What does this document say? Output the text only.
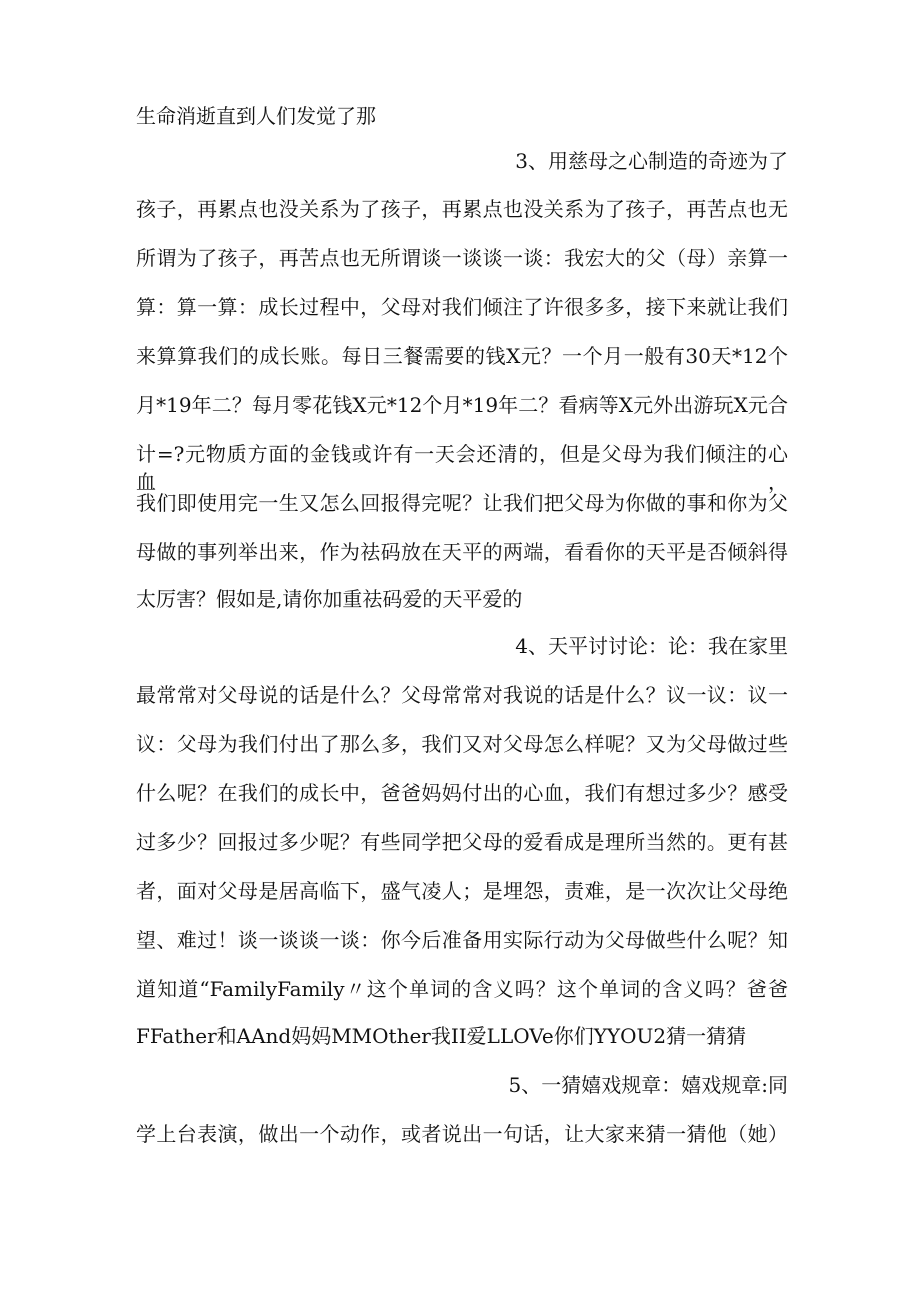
生命消逝直到人们发觉了那
3、用慈母之心制造的奇迹为了
孩子，再累点也没关系为了孩子，再累点也没关系为了孩子，再苦点也无
所谓为了孩子，再苦点也无所谓谈一谈谈一谈：我宏大的父（母）亲算一
算：算一算：成长过程中，父母对我们倾注了许很多多，接下来就让我们
来算算我们的成长账。每日三餐需要的钱X元？一个月一般有30天*12个
月*19年二？每月零花钱X元*12个月*19年二？看病等X元外出游玩X元合
计=?元物质方面的金钱或许有一天会还清的，但是父母为我们倾注的心血，
我们即使用完一生又怎么回报得完呢？让我们把父母为你做的事和你为父
母做的事列举出来，作为祛码放在天平的两端，看看你的天平是否倾斜得
太厉害？假如是,请你加重祛码爱的天平爱的
4、天平讨讨论：论：我在家里
最常常对父母说的话是什么？父母常常对我说的话是什么？议一议：议一
议：父母为我们付出了那么多，我们又对父母怎么样呢？又为父母做过些
什么呢？在我们的成长中，爸爸妈妈付出的心血，我们有想过多少？感受
过多少？回报过多少呢？有些同学把父母的爱看成是理所当然的。更有甚
者，面对父母是居高临下，盛气凌人；是埋怨，责难，是一次次让父母绝
望、难过！谈一谈谈一谈：你今后准备用实际行动为父母做些什么呢？知
道知道“FamilyFamily〃这个单词的含义吗？这个单词的含义吗？爸爸
FFather和AAnd妈妈MMOther我II爱LLOVe你们YYOU2猜一猜猜
5、一猜嬉戏规章：嬉戏规章:同
学上台表演，做出一个动作，或者说出一句话，让大家来猜一猜他（她）
